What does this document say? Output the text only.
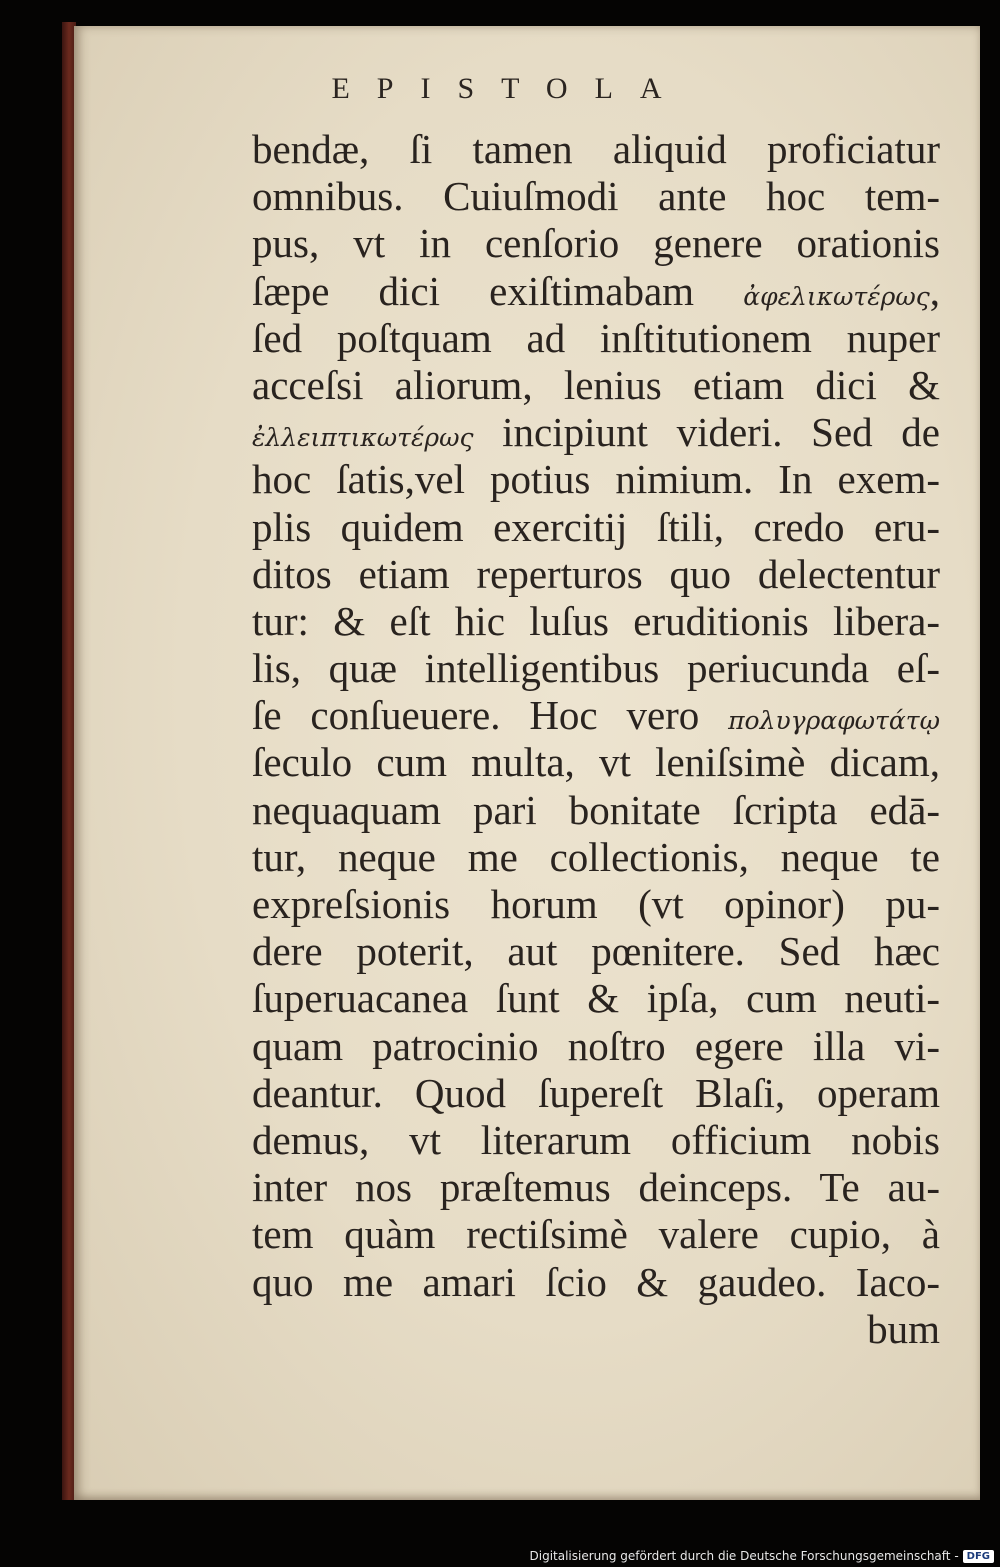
EPISTOLA
bendæ, ſi tamen aliquid proficiatur
omnibus. Cuiuſmodi ante hoc tem-
pus, vt in cenſorio genere orationis
ſæpe dici exiſtimabam ἀφελικωτέρως,
ſed poſtquam ad inſtitutionem nuper
acceſsi aliorum, lenius etiam dici &
ἐλλειπτικωτέρως incipiunt videri. Sed de
hoc ſatis,vel potius nimium. In exem-
plis quidem exercitij ſtili, credo eru-
ditos etiam reperturos quo delectentur
tur: & eſt hic luſus eruditionis libera-
lis, quæ intelligentibus periucunda eſ-
ſe conſueuere. Hoc vero πολυγραφωτάτῳ
ſeculo cum multa, vt leniſsimè dicam,
nequaquam pari bonitate ſcripta edā-
tur, neque me collectionis, neque te
expreſsionis horum (vt opinor) pu-
dere poterit, aut pœnitere. Sed hæc
ſuperuacanea ſunt & ipſa, cum neuti-
quam patrocinio noſtro egere illa vi-
deantur. Quod ſupereſt Blaſi, operam
demus, vt literarum officium nobis
inter nos præſtemus deinceps. Te au-
tem quàm rectiſsimè valere cupio, à
quo me amari ſcio & gaudeo. Iaco-
bum
Digitalisierung gefördert durch die Deutsche Forschungsgemeinschaft - DFG
